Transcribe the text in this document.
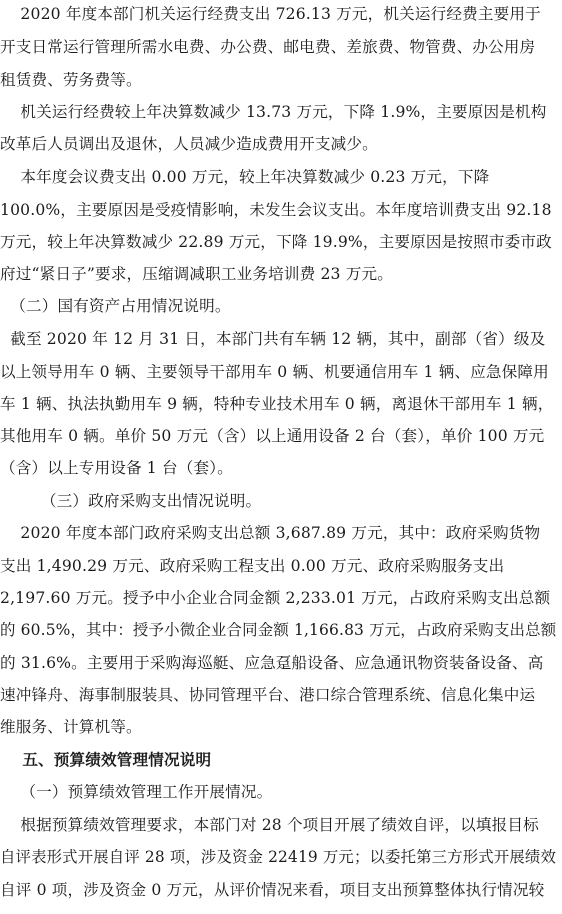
2020 年度本部门机关运行经费支出 726.13 万元，机关运行经费主要用于
开支日常运行管理所需水电费、办公费、邮电费、差旅费、物管费、办公用房
租赁费、劳务费等。
机关运行经费较上年决算数减少 13.73 万元，下降 1.9%，主要原因是机构
改革后人员调出及退休，人员减少造成费用开支减少。
本年度会议费支出 0.00 万元，较上年决算数减少 0.23 万元，下降
100.0%，主要原因是受疫情影响，未发生会议支出。本年度培训费支出 92.18
万元，较上年决算数减少 22.89 万元，下降 19.9%，主要原因是按照市委市政
府过“紧日子”要求，压缩调减职工业务培训费 23 万元。
（二）国有资产占用情况说明。
截至 2020 年 12 月 31 日，本部门共有车辆 12 辆，其中，副部（省）级及
以上领导用车 0 辆、主要领导干部用车 0 辆、机要通信用车 1 辆、应急保障用
车 1 辆、执法执勤用车 9 辆，特种专业技术用车 0 辆，离退休干部用车 1 辆，
其他用车 0 辆。单价 50 万元（含）以上通用设备 2 台（套），单价 100 万元
（含）以上专用设备 1 台（套）。
（三）政府采购支出情况说明。
2020 年度本部门政府采购支出总额 3,687.89 万元，其中：政府采购货物
支出 1,490.29 万元、政府采购工程支出 0.00 万元、政府采购服务支出
2,197.60 万元。授予中小企业合同金额 2,233.01 万元，占政府采购支出总额
的 60.5%，其中：授予小微企业合同金额 1,166.83 万元，占政府采购支出总额
的 31.6%。主要用于采购海巡艇、应急趸船设备、应急通讯物资装备设备、高
速冲锋舟、海事制服装具、协同管理平台、港口综合管理系统、信息化集中运
维服务、计算机等。
五、预算绩效管理情况说明
（一）预算绩效管理工作开展情况。
根据预算绩效管理要求，本部门对 28 个项目开展了绩效自评，以填报目标
自评表形式开展自评 28 项，涉及资金 22419 万元；以委托第三方形式开展绩效
自评 0 项，涉及资金 0 万元，从评价情况来看，项目支出预算整体执行情况较
